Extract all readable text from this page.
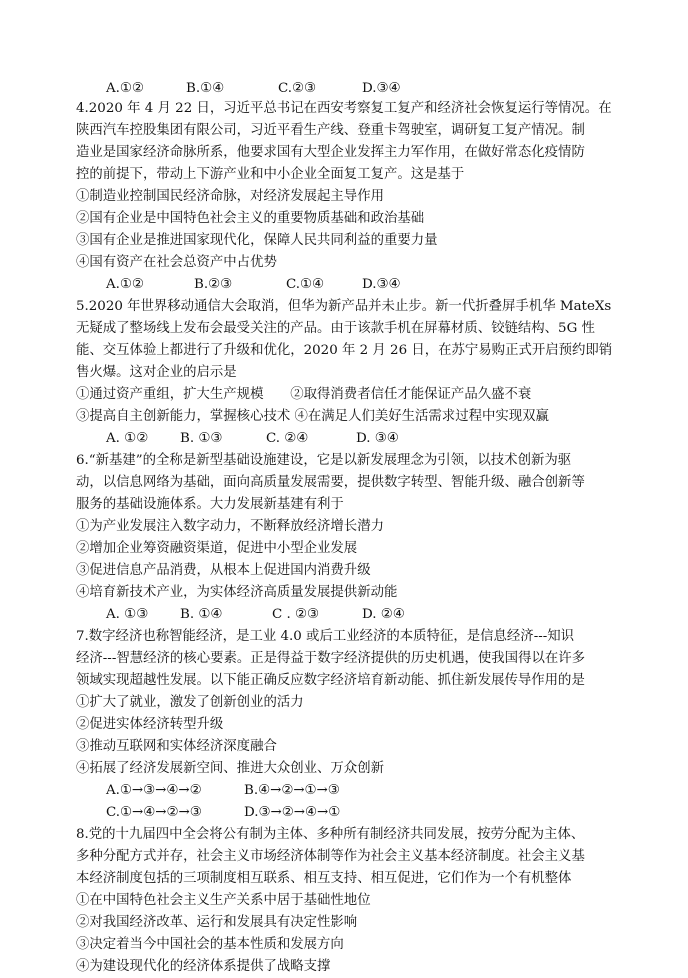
A.①②	B.①④	C.②③	D.③④
4.2020 年 4 月 22 日，习近平总书记在西安考察复工复产和经济社会恢复运行等情况。在
陕西汽车控股集团有限公司，习近平看生产线、登重卡驾驶室，调研复工复产情况。制
造业是国家经济命脉所系，他要求国有大型企业发挥主力军作用，在做好常态化疫情防
控的前提下，带动上下游产业和中小企业全面复工复产。这是基于
①制造业控制国民经济命脉，对经济发展起主导作用
②国有企业是中国特色社会主义的重要物质基础和政治基础
③国有企业是推进国家现代化，保障人民共同利益的重要力量
④国有资产在社会总资产中占优势
A.①②	B.②③	C.①④	D.③④
5.2020 年世界移动通信大会取消，但华为新产品并未止步。新一代折叠屏手机华 MateXs
无疑成了整场线上发布会最受关注的产品。由于该款手机在屏幕材质、铰链结构、5G 性
能、交互体验上都进行了升级和优化，2020 年 2 月 26 日，在苏宁易购正式开启预约即销
售火爆。这对企业的启示是
①通过资产重组，扩大生产规模　　②取得消费者信任才能保证产品久盛不衰
③提高自主创新能力，掌握核心技术 ④在满足人们美好生活需求过程中实现双赢
A. ①② B. ①③	C. ②④	D. ③④
6.“新基建”的全称是新型基础设施建设，它是以新发展理念为引领，以技术创新为驱
动，以信息网络为基础，面向高质量发展需要，提供数字转型、智能升级、融合创新等
服务的基础设施体系。大力发展新基建有利于
①为产业发展注入数字动力，不断释放经济增长潜力
②增加企业筹资融资渠道，促进中小型企业发展
③促进信息产品消费，从根本上促进国内消费升级
④培育新技术产业，为实体经济高质量发展提供新动能
A. ①③ B. ①④	C . ②③	D. ②④
7.数字经济也称智能经济，是工业 4.0 或后工业经济的本质特征，是信息经济---知识
经济---智慧经济的核心要素。正是得益于数字经济提供的历史机遇，使我国得以在许多
领域实现超越性发展。以下能正确反应数字经济培育新动能、抓住新发展传导作用的是
①扩大了就业，激发了创新创业的活力
②促进实体经济转型升级
③推动互联网和实体经济深度融合
④拓展了经济发展新空间、推进大众创业、万众创新
A.①→③→④→②	B.④→②→①→③
C.①→④→②→③	D.③→②→④→①
8.党的十九届四中全会将公有制为主体、多种所有制经济共同发展，按劳分配为主体、
多种分配方式并存，社会主义市场经济体制等作为社会主义基本经济制度。社会主义基
本经济制度包括的三项制度相互联系、相互支持、相互促进，它们作为一个有机整体
①在中国特色社会主义生产关系中居于基础性地位
②对我国经济改革、运行和发展具有决定性影响
③决定着当今中国社会的基本性质和发展方向
④为建设现代化的经济体系提供了战略支撑
